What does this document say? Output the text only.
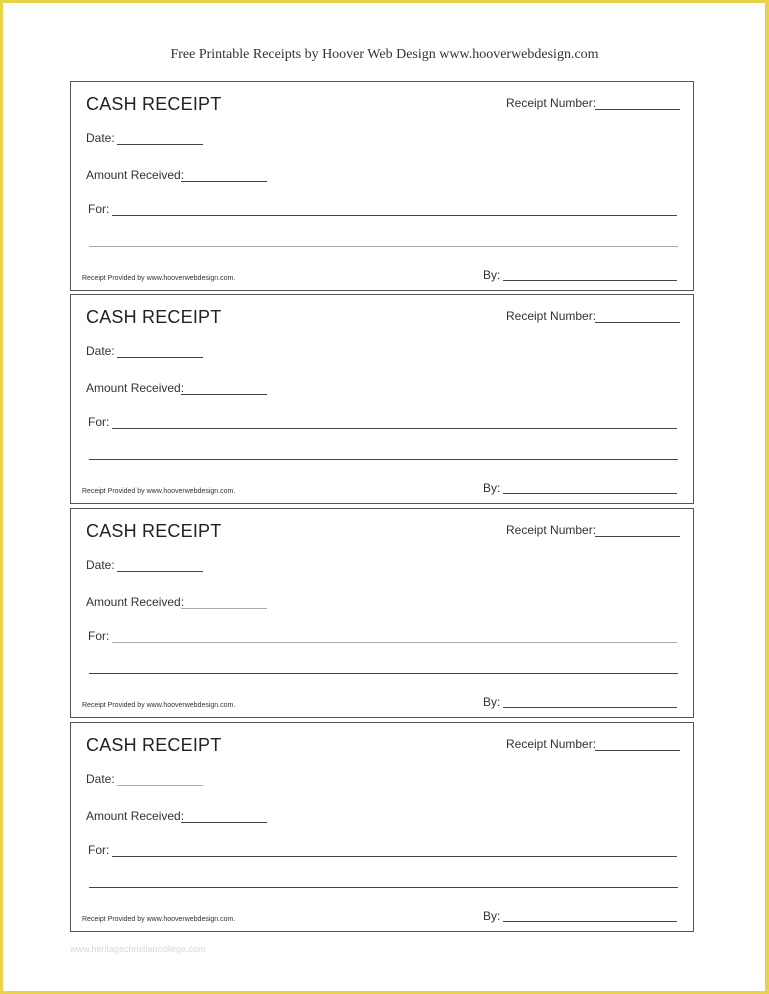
Free Printable Receipts by Hoover Web Design www.hooverwebdesign.com
CASH RECEIPT	Receipt Number:
Date:
Amount Received:
For:
Receipt Provided by www.hooverwebdesign.com.	By:
CASH RECEIPT	Receipt Number:
Date:
Amount Received:
For:
Receipt Provided by www.hooverwebdesign.com.	By:
CASH RECEIPT	Receipt Number:
Date:
Amount Received:
For:
Receipt Provided by www.hooverwebdesign.com.	By:
CASH RECEIPT	Receipt Number:
Date:
Amount Received:
For:
Receipt Provided by www.hooverwebdesign.com.	By:
www.heritagechristiancollege.com
